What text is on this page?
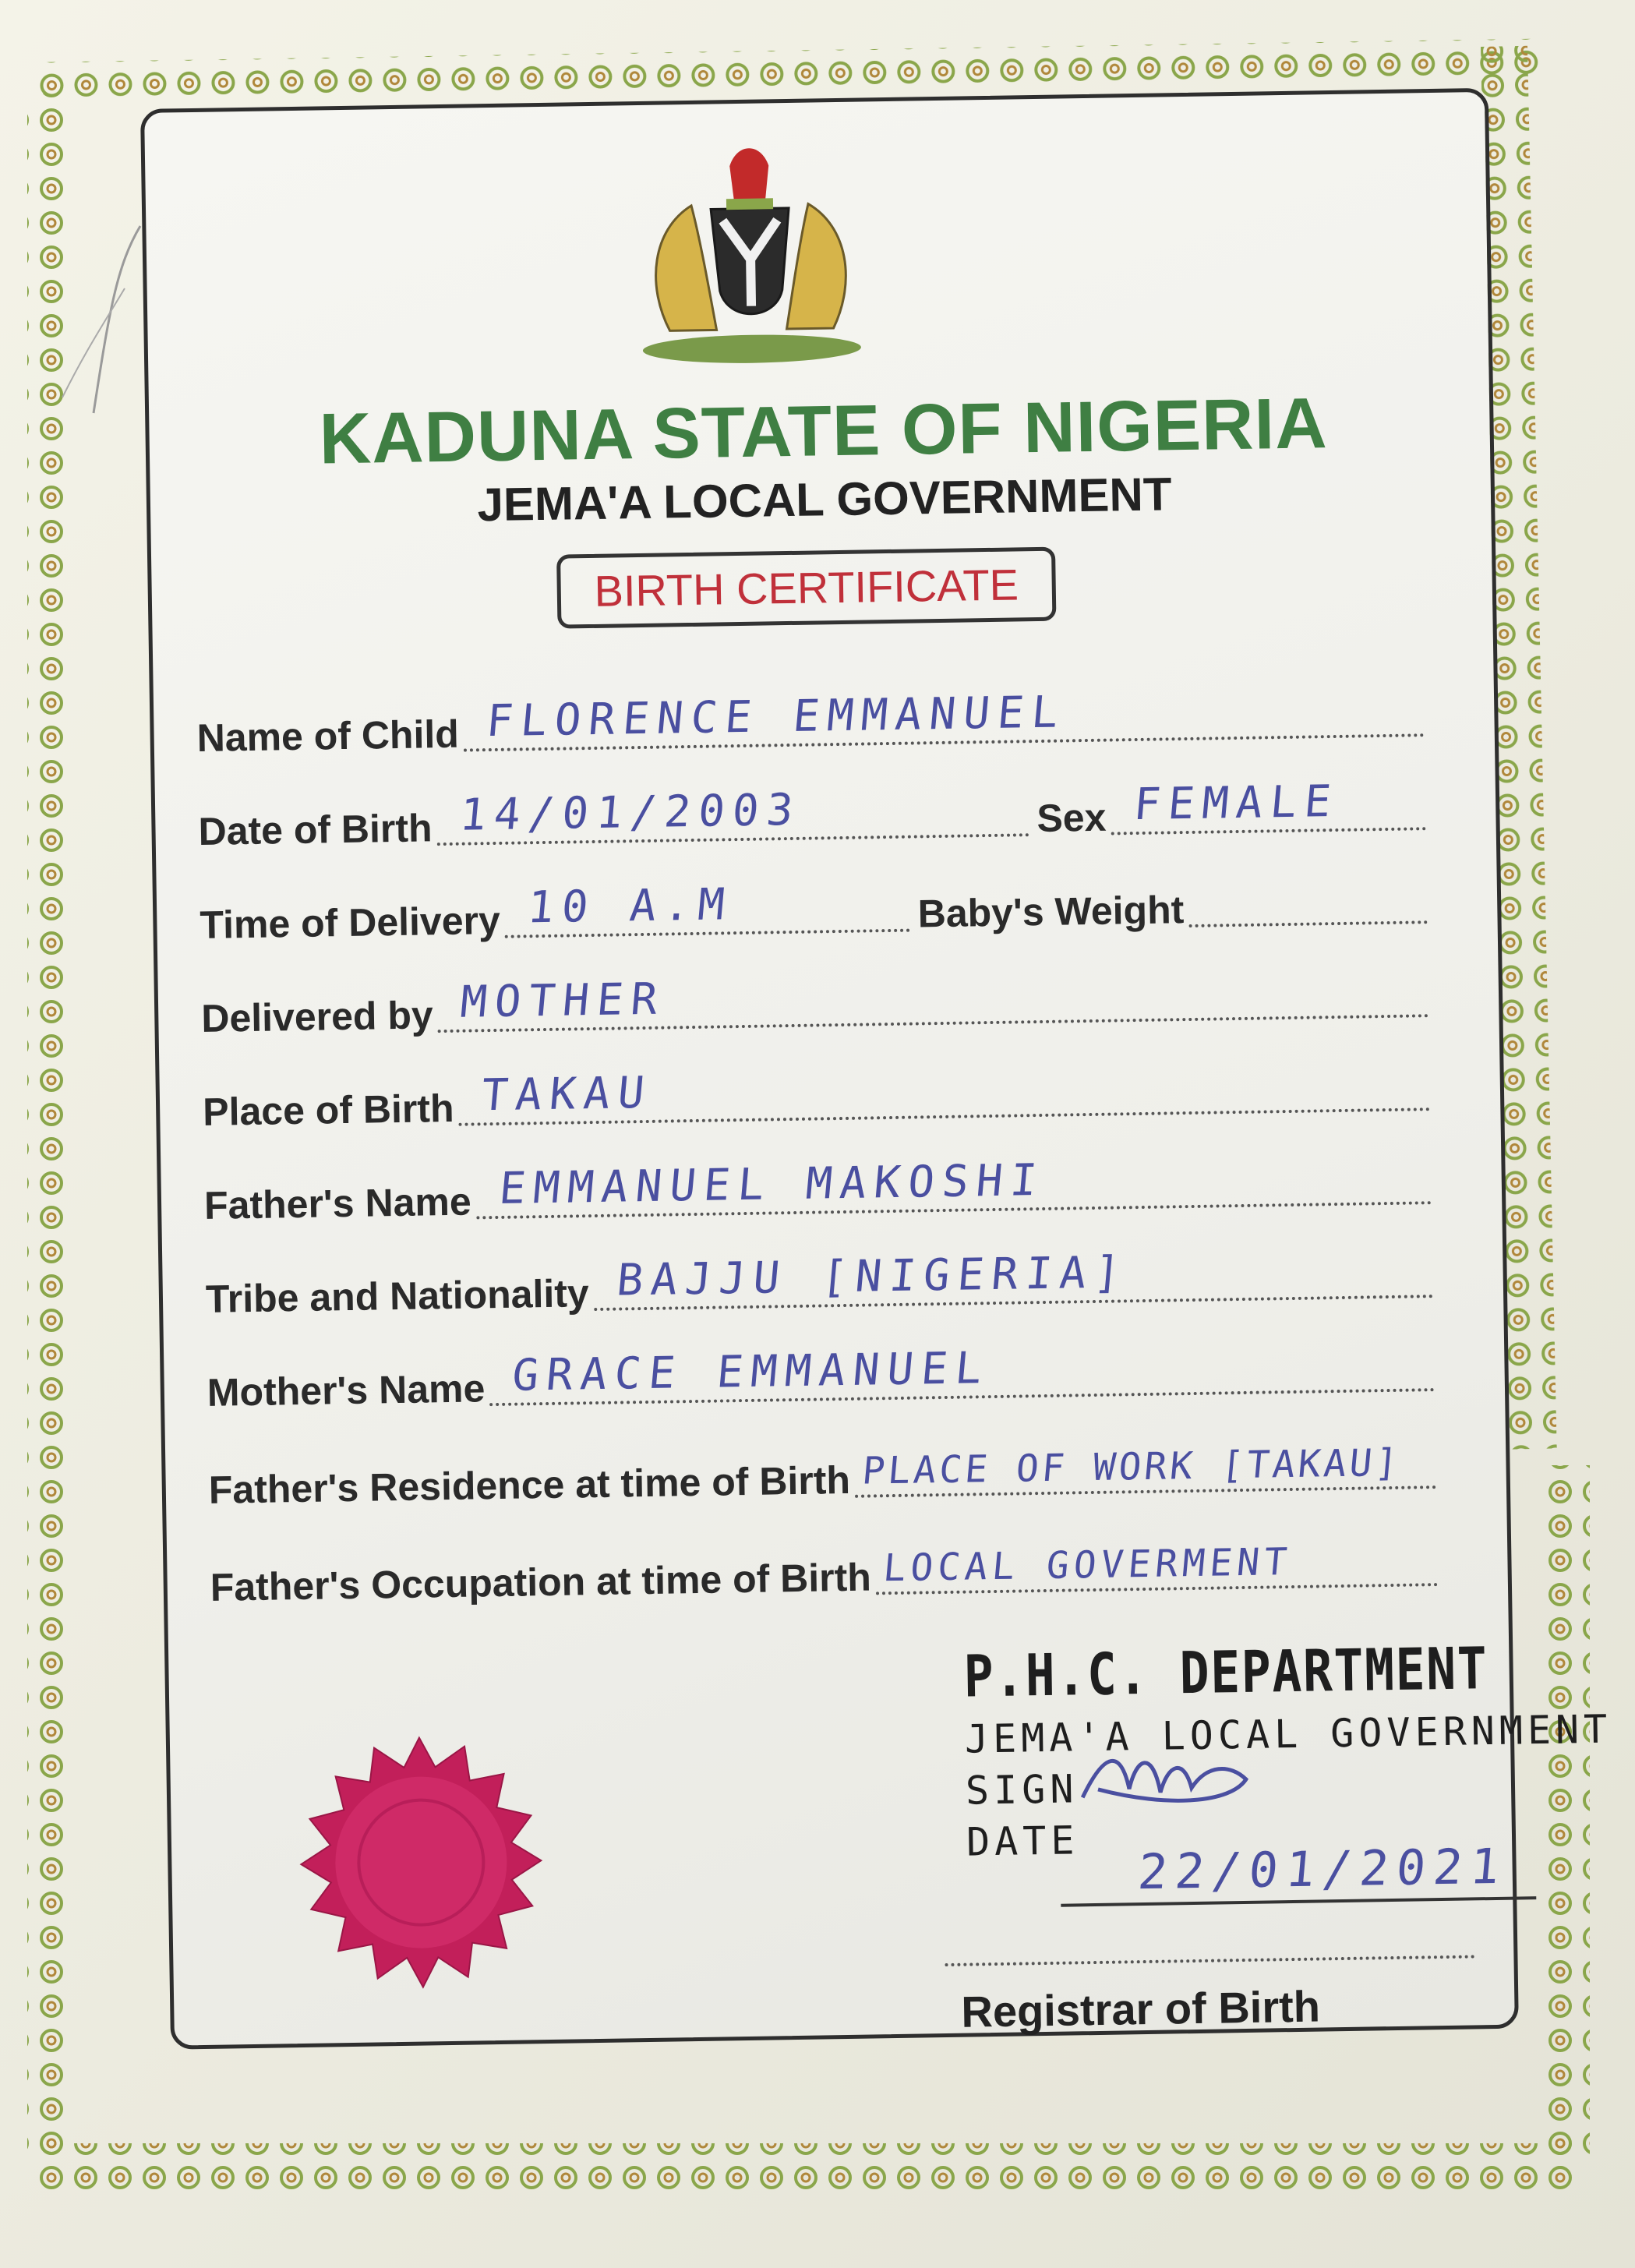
KADUNA STATE OF NIGERIA
JEMA'A LOCAL GOVERNMENT
BIRTH CERTIFICATE
Name of Child FLORENCE EMMANUEL
Date of Birth 14/01/2003	Sex FEMALE
Time of Delivery 10 A.M	Baby's Weight
Delivered by MOTHER
Place of Birth TAKAU
Father's Name EMMANUEL MAKOSHI
Tribe and Nationality BAJJU [NIGERIA]
Mother's Name GRACE EMMANUEL
Father's Residence at time of Birth PLACE OF WORK [TAKAU]
Father's Occupation at time of Birth LOCAL GOVERMENT
P.H.C. DEPARTMENT
JEMA'A LOCAL GOVERNMENT
SIGN
DATE	22/01/2021
Registrar of Birth
